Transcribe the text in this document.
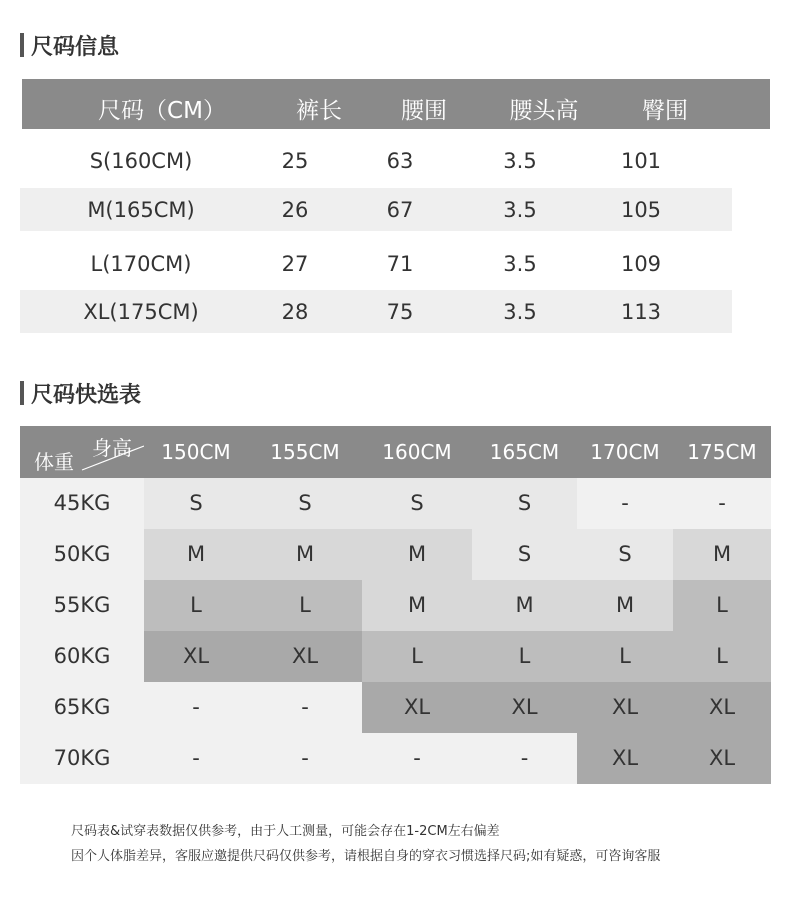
尺码信息
尺码（CM）	裤长	腰围	腰头高	臀围
S(160CM)	25	63	3.5	101
M(165CM)	26	67	3.5	105
L(170CM)	27	71	3.5	109
XL(175CM)	28	75	3.5	113
尺码快选表
体重
身高	150CM	155CM	160CM	165CM	170CM	175CM
45KG	S	S	S	S	-	-
50KG	M	M	M	S	S	M
55KG	L	L	M	M	M	L
60KG	XL	XL	L	L	L	L
65KG	-	-	XL	XL	XL	XL
70KG	-	-	-	-	XL	XL
尺码表&试穿表数据仅供参考，由于人工测量，可能会存在1-2CM左右偏差
因个人体脂差异，客服应邀提供尺码仅供参考，请根据自身的穿衣习惯选择尺码;如有疑惑，可咨询客服
